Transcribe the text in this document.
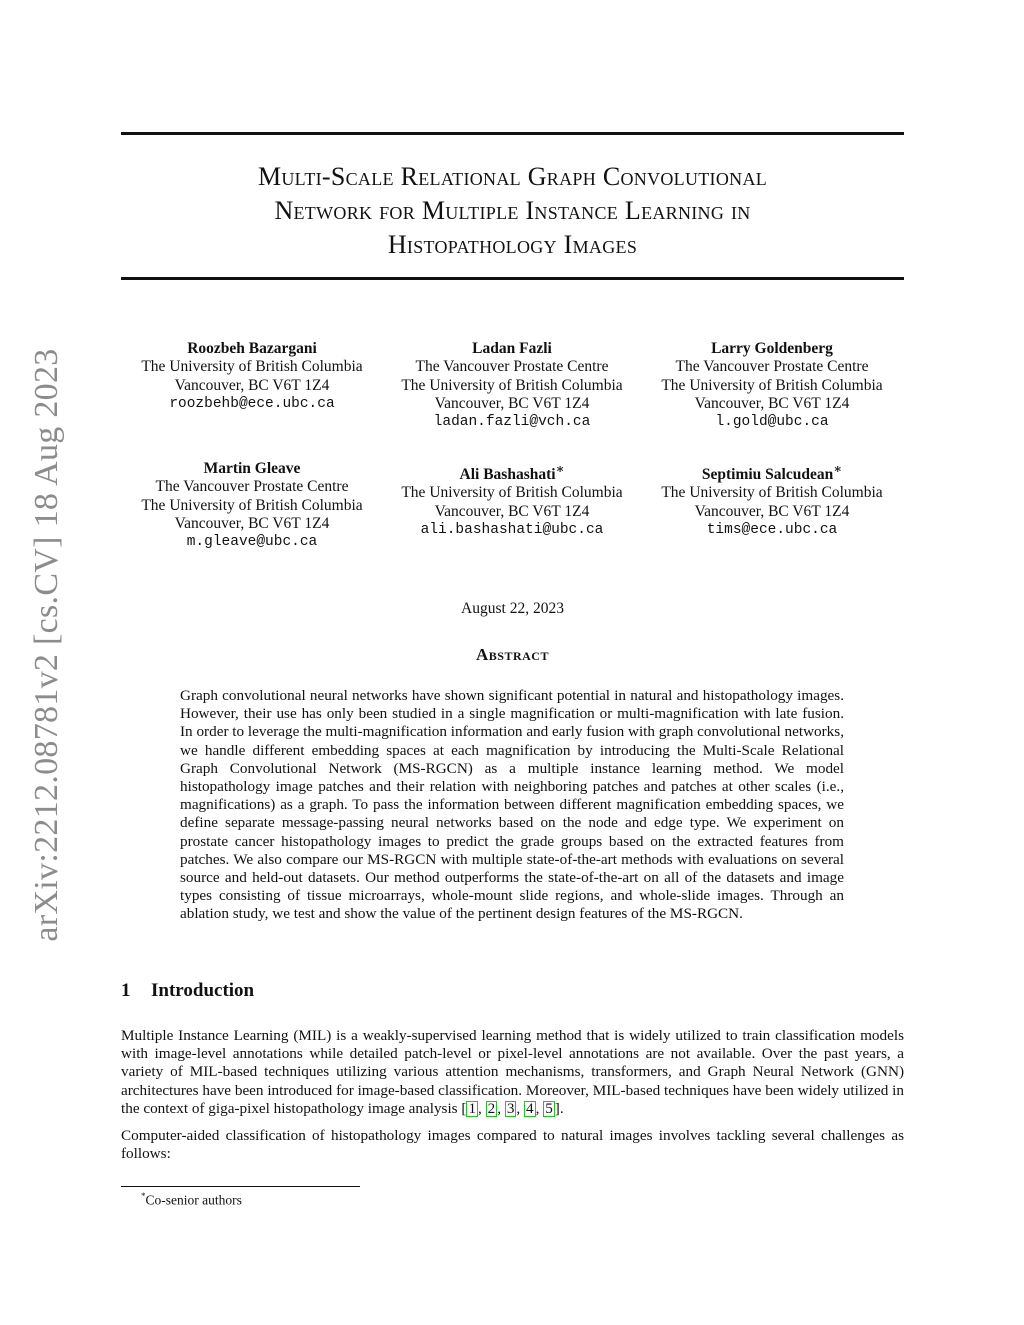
arXiv:2212.08781v2 [cs.CV] 18 Aug 2023
Multi-Scale Relational Graph Convolutional
Network for Multiple Instance Learning in
Histopathology Images
Roozbeh Bazargani
The University of British Columbia
Vancouver, BC V6T 1Z4
roozbehb@ece.ubc.ca
Ladan Fazli
The Vancouver Prostate Centre
The University of British Columbia
Vancouver, BC V6T 1Z4
ladan.fazli@vch.ca
Larry Goldenberg
The Vancouver Prostate Centre
The University of British Columbia
Vancouver, BC V6T 1Z4
l.gold@ubc.ca
Martin Gleave
The Vancouver Prostate Centre
The University of British Columbia
Vancouver, BC V6T 1Z4
m.gleave@ubc.ca
Ali Bashashati∗
The University of British Columbia
Vancouver, BC V6T 1Z4
ali.bashashati@ubc.ca
Septimiu Salcudean∗
The University of British Columbia
Vancouver, BC V6T 1Z4
tims@ece.ubc.ca
August 22, 2023
Abstract
Graph convolutional neural networks have shown significant potential in natural and histopathology images. However, their use has only been studied in a single magnification or multi-magnification with late fusion. In order to leverage the multi-magnification information and early fusion with graph convolutional networks, we handle different embedding spaces at each magnification by introducing the Multi-Scale Relational Graph Convolutional Network (MS-RGCN) as a multiple instance learning method. We model histopathology image patches and their relation with neighboring patches and patches at other scales (i.e., magnifications) as a graph. To pass the information between different magnification embedding spaces, we define separate message-passing neural networks based on the node and edge type. We experiment on prostate cancer histopathology images to predict the grade groups based on the extracted features from patches. We also compare our MS-RGCN with multiple state-of-the-art methods with evaluations on several source and held-out datasets. Our method outperforms the state-of-the-art on all of the datasets and image types consisting of tissue microarrays, whole-mount slide regions, and whole-slide images. Through an ablation study, we test and show the value of the pertinent design features of the MS-RGCN.
1 Introduction
Multiple Instance Learning (MIL) is a weakly-supervised learning method that is widely utilized to train classification models with image-level annotations while detailed patch-level or pixel-level annotations are not available. Over the past years, a variety of MIL-based techniques utilizing various attention mechanisms, transformers, and Graph Neural Network (GNN) architectures have been introduced for image-based classification. Moreover, MIL-based techniques have been widely utilized in the context of giga-pixel histopathology image analysis [ 1 , 2 , 3 , 4 , 5 ].
Computer-aided classification of histopathology images compared to natural images involves tackling several challenges as follows:
*Co-senior authors
